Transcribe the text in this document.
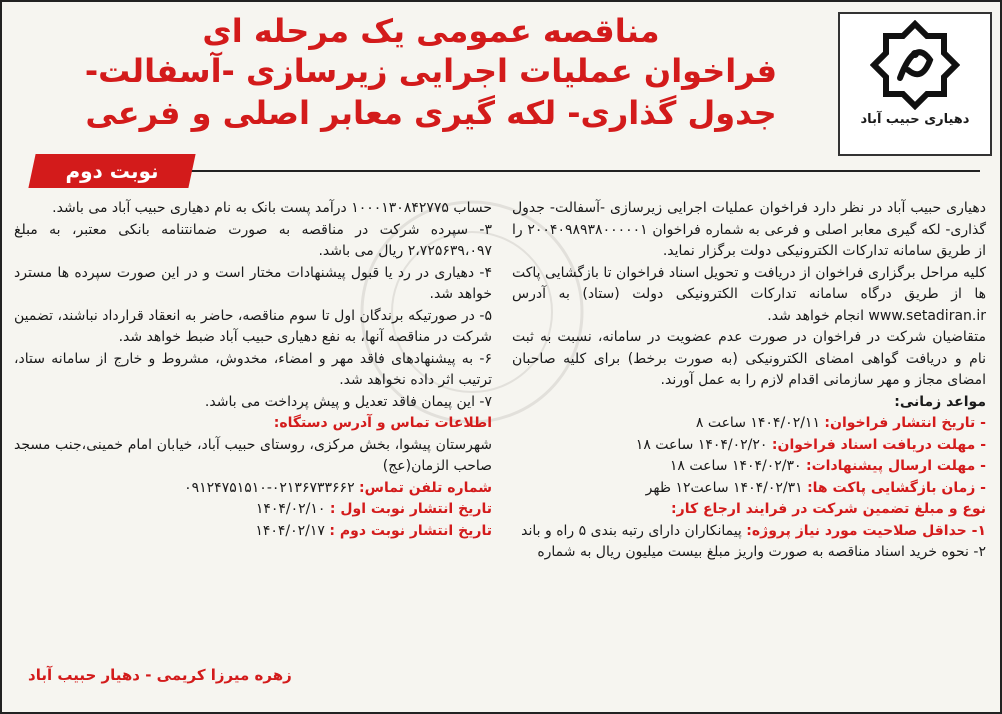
مناقصه عمومی یک مرحله ای
فراخوان عملیات اجرایی زیرسازی -آسفالت-
جدول گذاری- لکه گیری معابر اصلی و فرعی	دهیاری حبیب آباد
نوبت دوم

دهیاری حبیب آباد در نظر دارد فراخوان عملیات اجرایی زیرسازی -آسفالت- جدول گذاری- لکه گیری معابر اصلی و فرعی به شماره فراخوان ۲۰۰۴۰۹۸۹۳۸۰۰۰۰۰۱ را از طریق سامانه تدارکات الکترونیکی دولت برگزار نماید.

کلیه مراحل برگزاری فراخوان از دریافت و تحویل اسناد فراخوان تا بازگشایی پاکت ها از طریق درگاه سامانه تدارکات الکترونیکی دولت (ستاد) به آدرس www.setadiran.ir انجام خواهد شد.

متقاضیان شرکت در فراخوان در صورت عدم عضویت در سامانه، نسبت به ثبت نام و دریافت گواهی امضای الکترونیکی (به صورت برخط) برای کلیه صاحبان امضای مجاز و مهر سازمانی اقدام لازم را به عمل آورند.

مواعد زمانی:

- تاریخ انتشار فراخوان: ۱۴۰۴/۰۲/۱۱ ساعت ۸

- مهلت دریافت اسناد فراخوان: ۱۴۰۴/۰۲/۲۰ ساعت ۱۸

- مهلت ارسال پیشنهادات: ۱۴۰۴/۰۲/۳۰ ساعت ۱۸

- زمان بازگشایی پاکت ها: ۱۴۰۴/۰۲/۳۱ ساعت۱۲ ظهر

نوع و مبلغ تضمین شرکت در فرایند ارجاع کار:

۱- حداقل صلاحیت مورد نیاز پروژه: پیمانکاران دارای رتبه بندی ۵ راه و باند

۲- نحوه خرید اسناد مناقصه به صورت واریز مبلغ بیست میلیون ریال به شماره

حساب ۱۰۰۰۱۳۰۸۴۲۷۷۵ درآمد پست بانک به نام دهیاری حبیب آباد می باشد.

۳- سپرده شرکت در مناقصه به صورت ضمانتنامه بانکی معتبر، به مبلغ ۲،۷۲۵۶۳۹،۰۹۷ ریال می باشد.

۴- دهیاری در رد یا قبول پیشنهادات مختار است و در این صورت سپرده ها مسترد خواهد شد.

۵- در صورتیکه برندگان اول تا سوم مناقصه، حاضر به انعقاد قرارداد نباشند، تضمین شرکت در مناقصه آنها، به نفع دهیاری حبیب آباد ضبط خواهد شد.

۶- به پیشنهادهای فاقد مهر و امضاء، مخدوش، مشروط و خارج از سامانه ستاد، ترتیب اثر داده نخواهد شد.

۷- این پیمان فاقد تعدیل و پیش پرداخت می باشد.

اطلاعات تماس و آدرس دستگاه:

شهرستان پیشوا، بخش مرکزی، روستای حبیب آباد، خیابان امام خمینی،جنب مسجد صاحب الزمان(عج)

شماره تلفن تماس: ۰۲۱۳۶۷۳۳۶۶۲-۰۹۱۲۴۷۵۱۵۱۰

تاریخ انتشار نوبت اول : ۱۴۰۴/۰۲/۱۰

تاریخ انتشار نوبت دوم : ۱۴۰۴/۰۲/۱۷

زهره میرزا کریمی - دهیار حبیب آباد
